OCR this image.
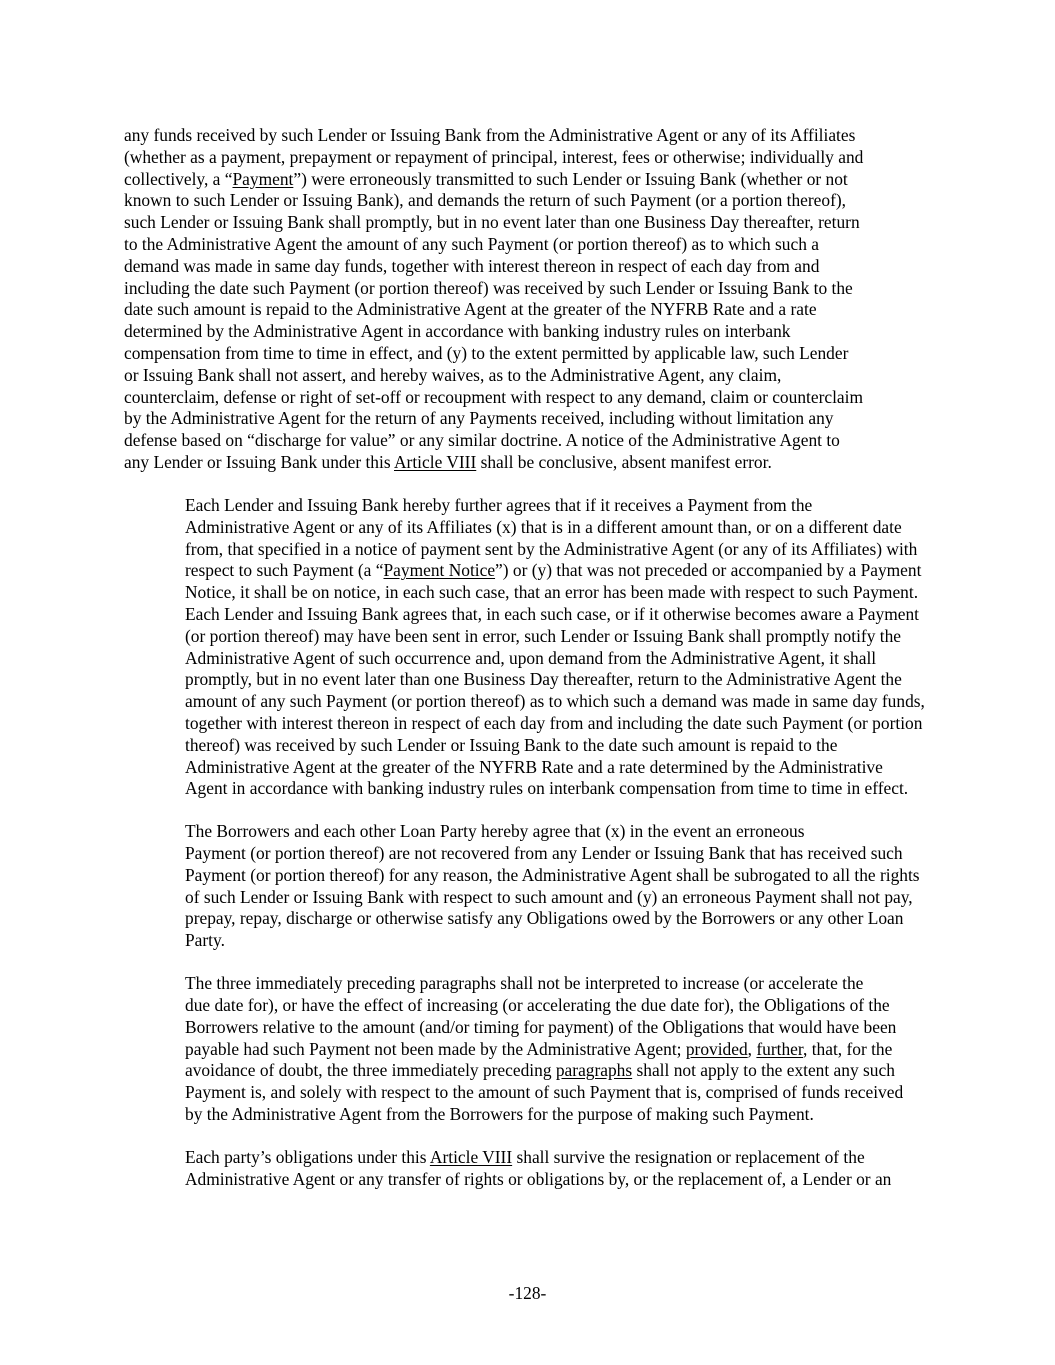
any funds received by such Lender or Issuing Bank from the Administrative Agent or any of its Affiliates
(whether as a payment, prepayment or repayment of principal, interest, fees or otherwise; individually and
collectively, a “Payment”) were erroneously transmitted to such Lender or Issuing Bank (whether or not
known to such Lender or Issuing Bank), and demands the return of such Payment (or a portion thereof),
such Lender or Issuing Bank shall promptly, but in no event later than one Business Day thereafter, return
to the Administrative Agent the amount of any such Payment (or portion thereof) as to which such a
demand was made in same day funds, together with interest thereon in respect of each day from and
including the date such Payment (or portion thereof) was received by such Lender or Issuing Bank to the
date such amount is repaid to the Administrative Agent at the greater of the NYFRB Rate and a rate
determined by the Administrative Agent in accordance with banking industry rules on interbank
compensation from time to time in effect, and (y) to the extent permitted by applicable law, such Lender
or Issuing Bank shall not assert, and hereby waives, as to the Administrative Agent, any claim,
counterclaim, defense or right of set-off or recoupment with respect to any demand, claim or counterclaim
by the Administrative Agent for the return of any Payments received, including without limitation any
defense based on “discharge for value” or any similar doctrine. A notice of the Administrative Agent to
any Lender or Issuing Bank under this Article VIII shall be conclusive, absent manifest error.

Each Lender and Issuing Bank hereby further agrees that if it receives a Payment from the
Administrative Agent or any of its Affiliates (x) that is in a different amount than, or on a different date
from, that specified in a notice of payment sent by the Administrative Agent (or any of its Affiliates) with
respect to such Payment (a “Payment Notice”) or (y) that was not preceded or accompanied by a Payment
Notice, it shall be on notice, in each such case, that an error has been made with respect to such Payment.
Each Lender and Issuing Bank agrees that, in each such case, or if it otherwise becomes aware a Payment
(or portion thereof) may have been sent in error, such Lender or Issuing Bank shall promptly notify the
Administrative Agent of such occurrence and, upon demand from the Administrative Agent, it shall
promptly, but in no event later than one Business Day thereafter, return to the Administrative Agent the
amount of any such Payment (or portion thereof) as to which such a demand was made in same day funds,
together with interest thereon in respect of each day from and including the date such Payment (or portion
thereof) was received by such Lender or Issuing Bank to the date such amount is repaid to the
Administrative Agent at the greater of the NYFRB Rate and a rate determined by the Administrative
Agent in accordance with banking industry rules on interbank compensation from time to time in effect.

The Borrowers and each other Loan Party hereby agree that (x) in the event an erroneous
Payment (or portion thereof) are not recovered from any Lender or Issuing Bank that has received such
Payment (or portion thereof) for any reason, the Administrative Agent shall be subrogated to all the rights
of such Lender or Issuing Bank with respect to such amount and (y) an erroneous Payment shall not pay,
prepay, repay, discharge or otherwise satisfy any Obligations owed by the Borrowers or any other Loan
Party.

The three immediately preceding paragraphs shall not be interpreted to increase (or accelerate the
due date for), or have the effect of increasing (or accelerating the due date for), the Obligations of the
Borrowers relative to the amount (and/or timing for payment) of the Obligations that would have been
payable had such Payment not been made by the Administrative Agent; provided, further, that, for the
avoidance of doubt, the three immediately preceding paragraphs shall not apply to the extent any such
Payment is, and solely with respect to the amount of such Payment that is, comprised of funds received
by the Administrative Agent from the Borrowers for the purpose of making such Payment.

Each party’s obligations under this Article VIII shall survive the resignation or replacement of the
Administrative Agent or any transfer of rights or obligations by, or the replacement of, a Lender or an

-128-
